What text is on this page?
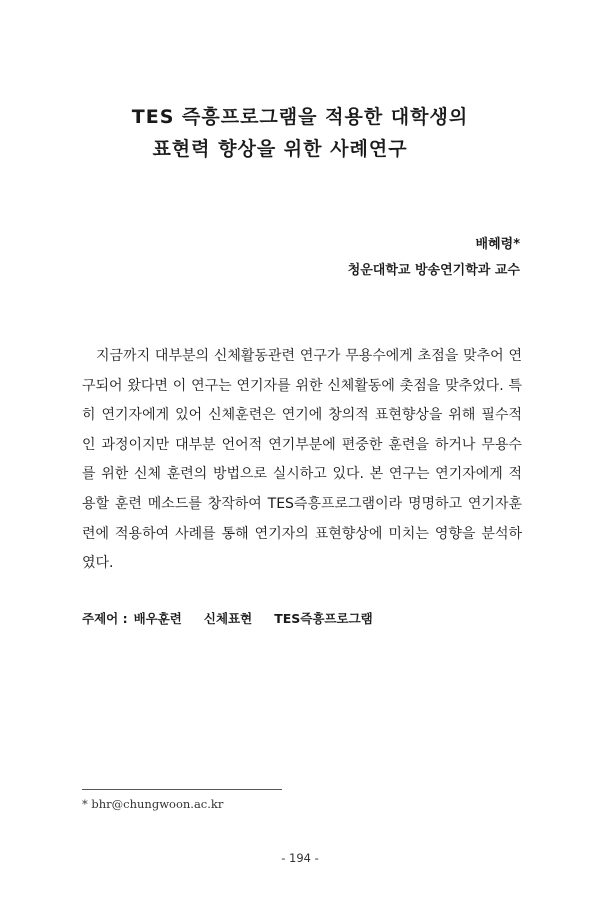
TES 즉흥프로그램을 적용한 대학생의
표현력 향상을 위한 사례연구
배혜령*
청운대학교 방송연기학과 교수

지금까지 대부분의 신체활동관련 연구가 무용수에게 초점을 맞추어 연구되어 왔다면 이 연구는 연기자를 위한 신체활동에 촛점을 맞추었다. 특히 연기자에게 있어 신체훈련은 연기에 창의적 표현향상을 위해 필수적인 과정이지만 대부분 언어적 연기부분에 편중한 훈련을 하거나 무용수를 위한 신체 훈련의 방법으로 실시하고 있다. 본 연구는 연기자에게 적용할 훈련 메소드를 창작하여 TES즉흥프로그램이라 명명하고 연기자훈련에 적용하여 사례를 통해 연기자의 표현향상에 미치는 영향을 분석하였다.

주제어 : 배우훈련 신체표현 TES즉흥프로그램
* bhr@chungwoon.ac.kr
- 194 -
